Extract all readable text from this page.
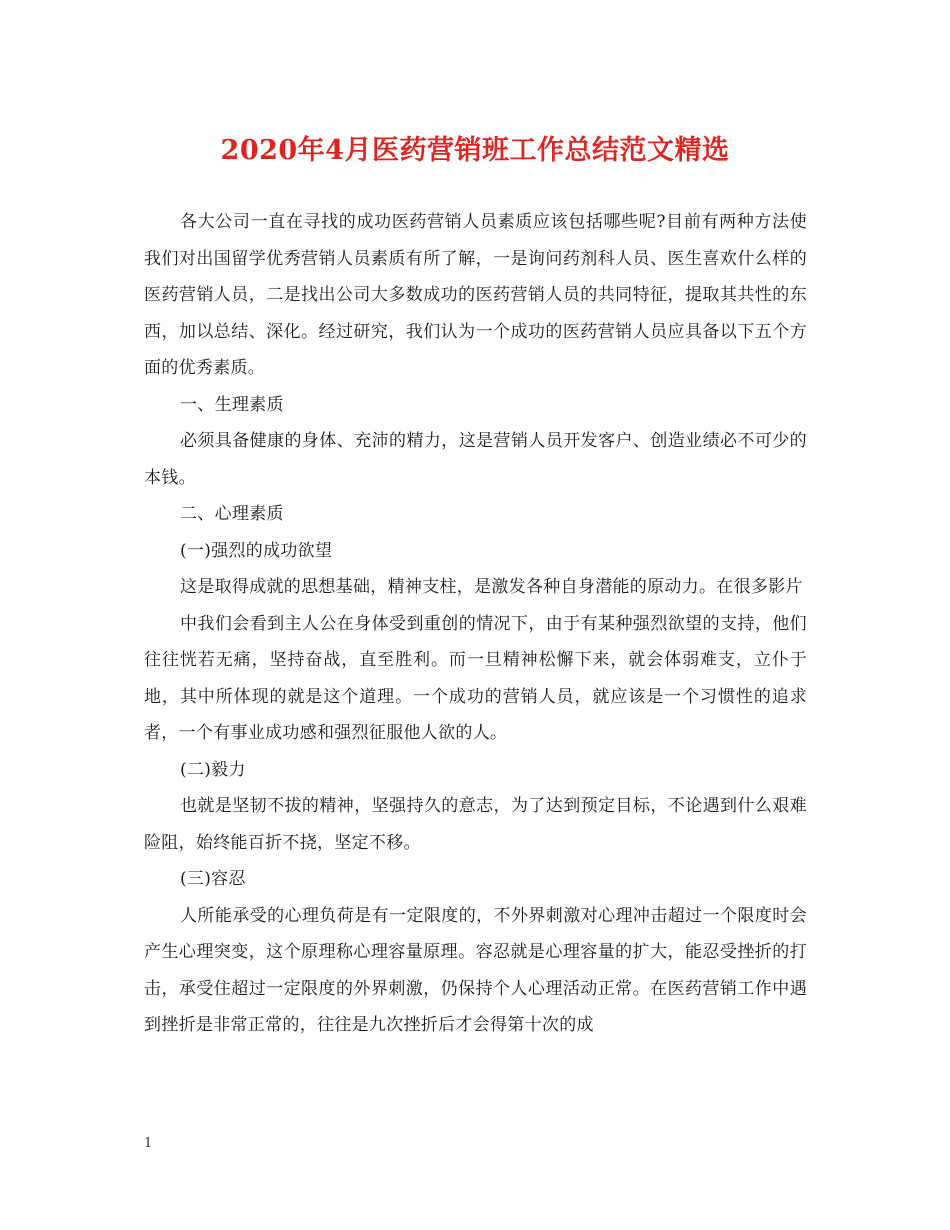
2020年4月医药营销班工作总结范文精选

各大公司一直在寻找的成功医药营销人员素质应该包括哪些呢?目前有两种方法使我们对出国留学优秀营销人员素质有所了解，一是询问药剂科人员、医生喜欢什么样的医药营销人员，二是找出公司大多数成功的医药营销人员的共同特征，提取其共性的东西，加以总结、深化。经过研究，我们认为一个成功的医药营销人员应具备以下五个方面的优秀素质。

一、生理素质

必须具备健康的身体、充沛的精力，这是营销人员开发客户、创造业绩必不可少的本钱。

二、心理素质

(一)强烈的成功欲望

这是取得成就的思想基础，精神支柱，是激发各种自身潜能的原动力。在很多影片

中我们会看到主人公在身体受到重创的情况下，由于有某种强烈欲望的支持，他们往往恍若无痛，坚持奋战，直至胜利。而一旦精神松懈下来，就会体弱难支，立仆于地，其中所体现的就是这个道理。一个成功的营销人员，就应该是一个习惯性的追求者，一个有事业成功感和强烈征服他人欲的人。

(二)毅力

也就是坚韧不拔的精神，坚强持久的意志，为了达到预定目标，不论遇到什么艰难险阻，始终能百折不挠，坚定不移。

(三)容忍

人所能承受的心理负荷是有一定限度的，不外界刺激对心理冲击超过一个限度时会产生心理突变，这个原理称心理容量原理。容忍就是心理容量的扩大，能忍受挫折的打击，承受住超过一定限度的外界刺激，仍保持个人心理活动正常。在医药营销工作中遇到挫折是非常正常的，往往是九次挫折后才会得第十次的成

1
